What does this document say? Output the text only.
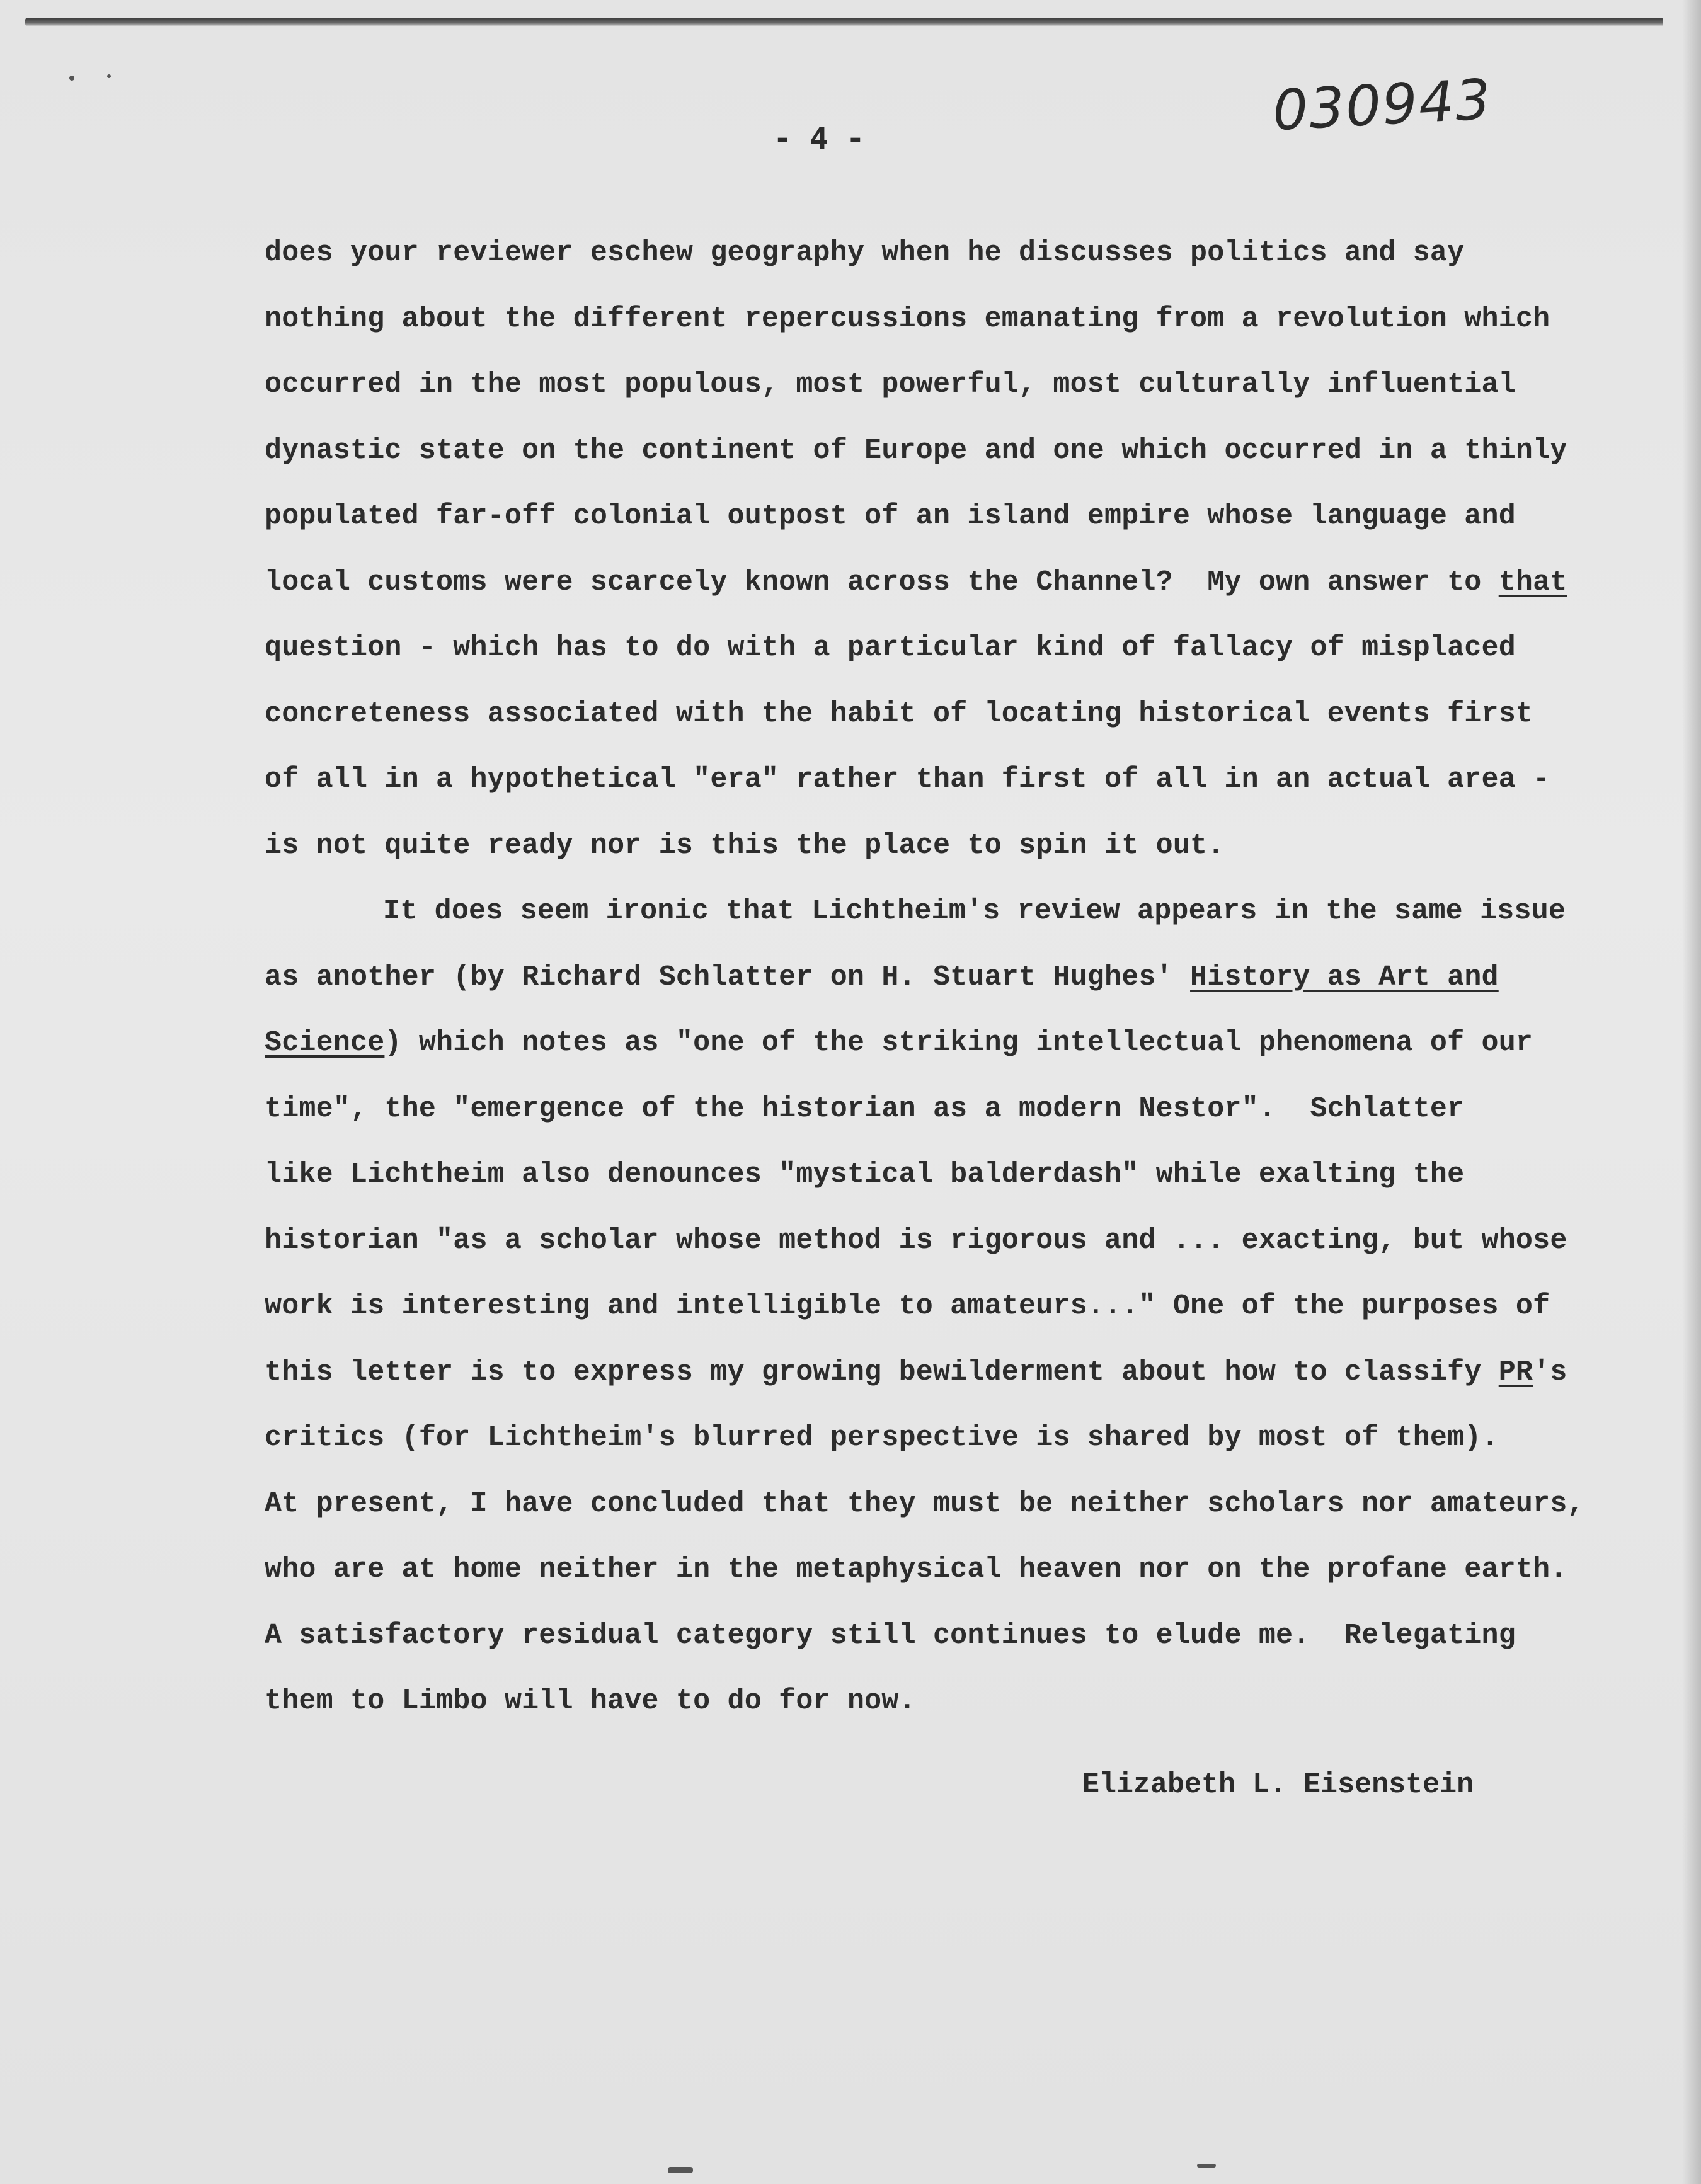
030943
- 4 -
does your reviewer eschew geography when he discusses politics and say
nothing about the different repercussions emanating from a revolution which
occurred in the most populous, most powerful, most culturally influential
dynastic state on the continent of Europe and one which occurred in a thinly
populated far-off colonial outpost of an island empire whose language and
local customs were scarcely known across the Channel?  My own answer to that
question - which has to do with a particular kind of fallacy of misplaced
concreteness associated with the habit of locating historical events first
of all in a hypothetical "era" rather than first of all in an actual area -
is not quite ready nor is this the place to spin it out.
It does seem ironic that Lichtheim's review appears in the same issue
as another (by Richard Schlatter on H. Stuart Hughes' History as Art and
Science) which notes as "one of the striking intellectual phenomena of our
time", the "emergence of the historian as a modern Nestor".  Schlatter
like Lichtheim also denounces "mystical balderdash" while exalting the
historian "as a scholar whose method is rigorous and ... exacting, but whose
work is interesting and intelligible to amateurs..." One of the purposes of
this letter is to express my growing bewilderment about how to classify PR's
critics (for Lichtheim's blurred perspective is shared by most of them).
At present, I have concluded that they must be neither scholars nor amateurs,
who are at home neither in the metaphysical heaven nor on the profane earth.
A satisfactory residual category still continues to elude me.  Relegating
them to Limbo will have to do for now.
Elizabeth L. Eisenstein
